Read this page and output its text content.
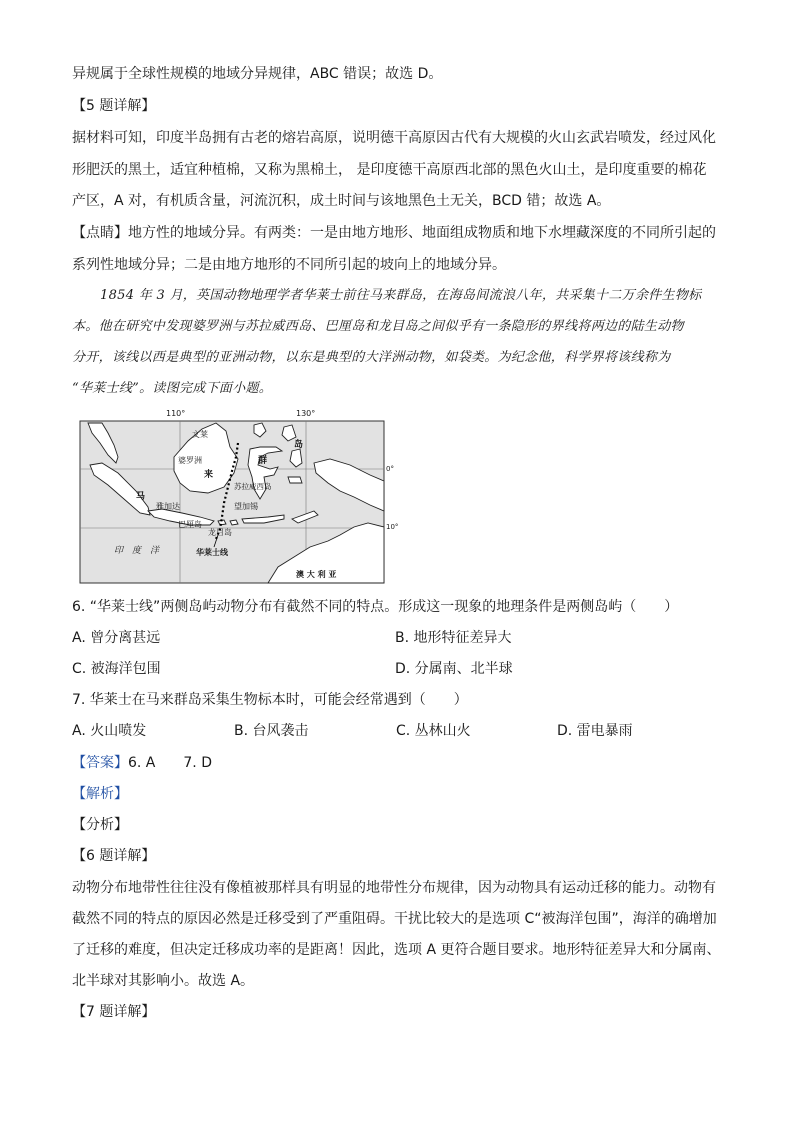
异规属于全球性规模的地域分异规律，ABC 错误；故选 D。
【5 题详解】
据材料可知，印度半岛拥有古老的熔岩高原，说明德干高原因古代有大规模的火山玄武岩喷发，经过风化
形肥沃的黑土，适宜种植棉，又称为黑棉土， 是印度德干高原西北部的黑色火山土，是印度重要的棉花
产区，A 对，有机质含量，河流沉积，成土时间与该地黑色土无关，BCD 错；故选 A。
【点睛】地方性的地域分异。有两类：一是由地方地形、地面组成物质和地下水埋藏深度的不同所引起的
系列性地域分异；二是由地方地形的不同所引起的坡向上的地域分异。
1854 年 3 月，英国动物地理学者华莱士前往马来群岛，在海岛间流浪八年，共采集十二万余件生物标
本。他在研究中发现婆罗洲与苏拉威西岛、巴厘岛和龙目岛之间似乎有一条隐形的界线将两边的陆生动物
分开，该线以西是典型的亚洲动物，以东是典型的大洋洲动物，如袋类。为纪念他，科学界将该线称为
“华莱士线”。读图完成下面小题。
110°	130°
0°
10°
文莱
婆罗洲
来
马
群
岛
苏拉威西岛
雅加达	望加锡
巴厘岛
龙目岛
印　度　洋	华莱士线
澳 大 利 亚
6. “华莱士线”两侧岛屿动物分布有截然不同的特点。形成这一现象的地理条件是两侧岛屿（　　）
A. 曾分离甚远	B. 地形特征差异大
C. 被海洋包围	D. 分属南、北半球
7. 华莱士在马来群岛采集生物标本时，可能会经常遇到（　　）
A. 火山喷发	B. 台风袭击	C. 丛林山火	D. 雷电暴雨
【答案】6. A　　7. D
【解析】
【分析】
【6 题详解】
动物分布地带性往往没有像植被那样具有明显的地带性分布规律，因为动物具有运动迁移的能力。动物有
截然不同的特点的原因必然是迁移受到了严重阻碍。干扰比较大的是选项 C“被海洋包围”，海洋的确增加
了迁移的难度，但决定迁移成功率的是距离！因此，选项 A 更符合题目要求。地形特征差异大和分属南、
北半球对其影响小。故选 A。
【7 题详解】
